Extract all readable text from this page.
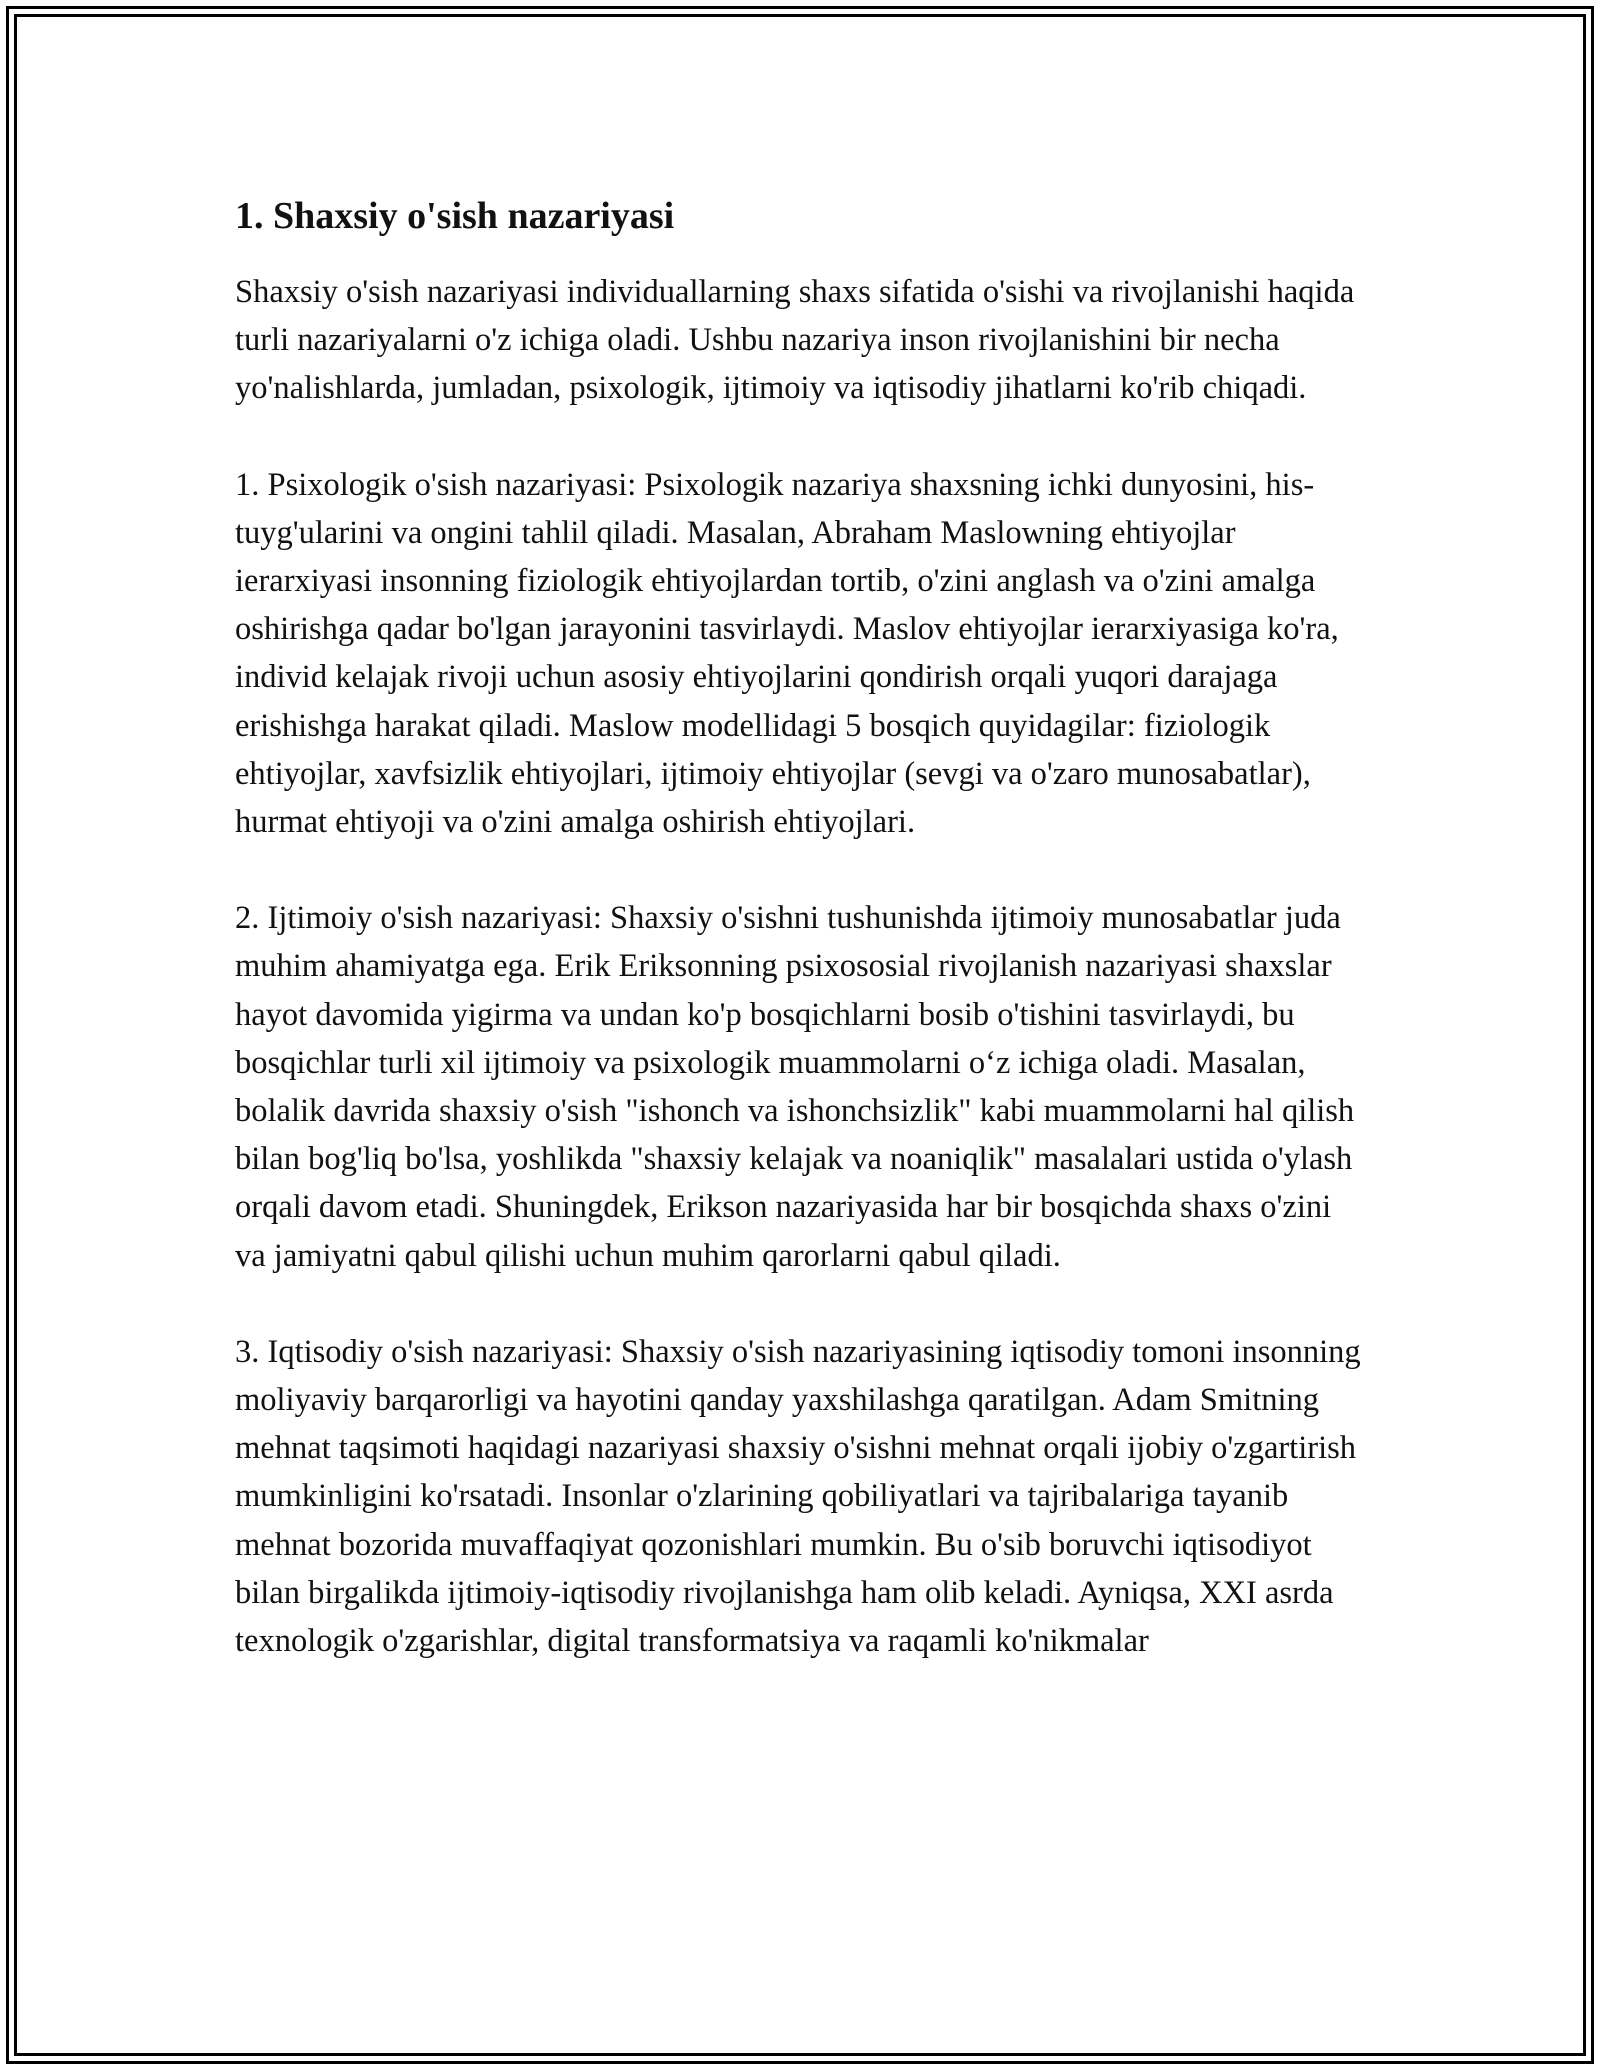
1. Shaxsiy o'sish nazariyasi

Shaxsiy o'sish nazariyasi individuallarning shaxs sifatida o'sishi va rivojlanishi haqida turli nazariyalarni o'z ichiga oladi. Ushbu nazariya inson rivojlanishini bir necha yo'nalishlarda, jumladan, psixologik, ijtimoiy va iqtisodiy jihatlarni ko'rib chiqadi.

1. Psixologik o'sish nazariyasi: Psixologik nazariya shaxsning ichki dunyosini, his-tuyg'ularini va ongini tahlil qiladi. Masalan, Abraham Maslowning ehtiyojlar ierarxiyasi insonning fiziologik ehtiyojlardan tortib, o'zini anglash va o'zini amalga oshirishga qadar bo'lgan jarayonini tasvirlaydi. Maslov ehtiyojlar ierarxiyasiga ko'ra, individ kelajak rivoji uchun asosiy ehtiyojlarini qondirish orqali yuqori darajaga erishishga harakat qiladi. Maslow modellidagi 5 bosqich quyidagilar: fiziologik ehtiyojlar, xavfsizlik ehtiyojlari, ijtimoiy ehtiyojlar (sevgi va o'zaro munosabatlar), hurmat ehtiyoji va o'zini amalga oshirish ehtiyojlari.

2. Ijtimoiy o'sish nazariyasi: Shaxsiy o'sishni tushunishda ijtimoiy munosabatlar juda muhim ahamiyatga ega. Erik Eriksonning psixososial rivojlanish nazariyasi shaxslar hayot davomida yigirma va undan ko'p bosqichlarni bosib o'tishini tasvirlaydi, bu bosqichlar turli xil ijtimoiy va psixologik muammolarni o‘z ichiga oladi. Masalan, bolalik davrida shaxsiy o'sish "ishonch va ishonchsizlik" kabi muammolarni hal qilish bilan bog'liq bo'lsa, yoshlikda "shaxsiy kelajak va noaniqlik" masalalari ustida o'ylash orqali davom etadi. Shuningdek, Erikson nazariyasida har bir bosqichda shaxs o'zini va jamiyatni qabul qilishi uchun muhim qarorlarni qabul qiladi.

3. Iqtisodiy o'sish nazariyasi: Shaxsiy o'sish nazariyasining iqtisodiy tomoni insonning moliyaviy barqarorligi va hayotini qanday yaxshilashga qaratilgan. Adam Smitning mehnat taqsimoti haqidagi nazariyasi shaxsiy o'sishni mehnat orqali ijobiy o'zgartirish mumkinligini ko'rsatadi. Insonlar o'zlarining qobiliyatlari va tajribalariga tayanib mehnat bozorida muvaffaqiyat qozonishlari mumkin. Bu o'sib boruvchi iqtisodiyot bilan birgalikda ijtimoiy-iqtisodiy rivojlanishga ham olib keladi. Ayniqsa, XXI asrda texnologik o'zgarishlar, digital transformatsiya va raqamli ko'nikmalar
